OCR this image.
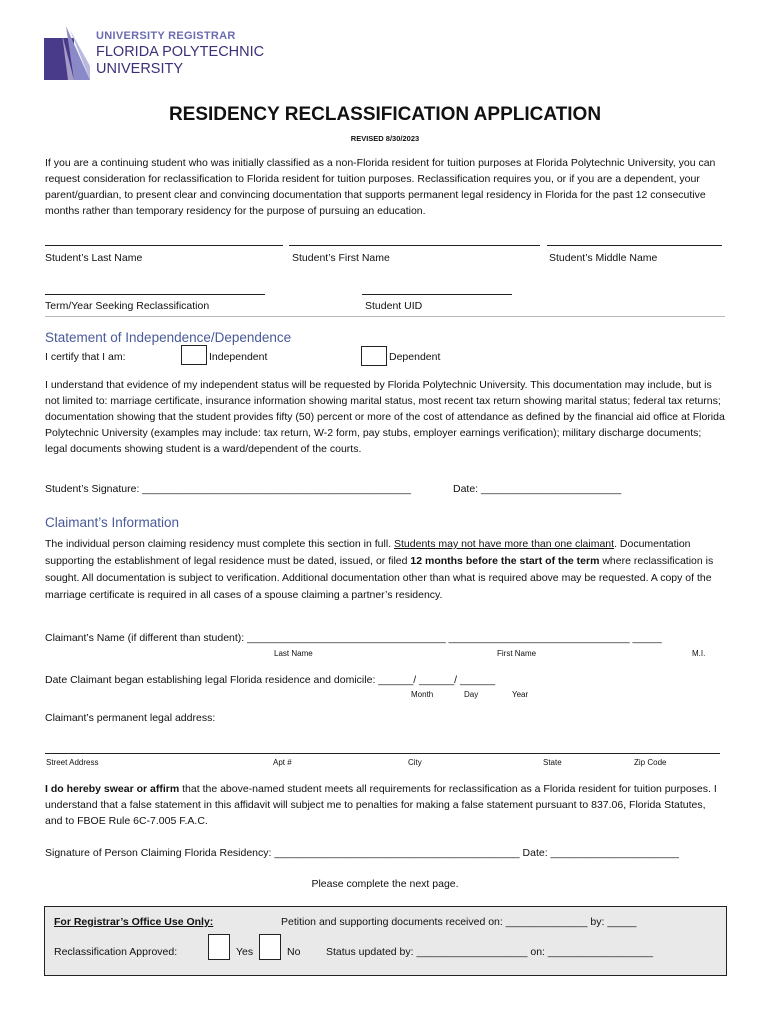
UNIVERSITY REGISTRAR
FLORIDA POLYTECHNIC
UNIVERSITY
RESIDENCY RECLASSIFICATION APPLICATION
REVISED 8/30/2023
If you are a continuing student who was initially classified as a non-Florida resident for tuition purposes at Florida Polytechnic University, you can request consideration for reclassification to Florida resident for tuition purposes. Reclassification requires you, or if you are a dependent, your parent/guardian, to present clear and convincing documentation that supports permanent legal residency in Florida for the past 12 consecutive months rather than temporary residency for the purpose of pursuing an education.
Student’s Last Name	Student’s First Name	Student’s Middle Name
Term/Year Seeking Reclassification	Student UID
Statement of Independence/Dependence
I certify that I am:	Independent	Dependent
I understand that evidence of my independent status will be requested by Florida Polytechnic University. This documentation may include, but is not limited to: marriage certificate, insurance information showing marital status, most recent tax return showing marital status; federal tax returns; documentation showing that the student provides fifty (50) percent or more of the cost of attendance as defined by the financial aid office at Florida Polytechnic University (examples may include: tax return, W-2 form, pay stubs, employer earnings verification); military discharge documents; legal documents showing student is a ward/dependent of the courts.
Student’s Signature: ______________________________________________	Date: ________________________
Claimant’s Information
The individual person claiming residency must complete this section in full. Students may not have more than one claimant. Documentation supporting the establishment of legal residence must be dated, issued, or filed 12 months before the start of the term where reclassification is sought. All documentation is subject to verification. Additional documentation other than what is required above may be requested. A copy of the marriage certificate is required in all cases of a spouse claiming a partner’s residency.
Claimant’s Name (if different than student): __________________________________ _______________________________ _____
Last Name	First Name	M.I.
Date Claimant began establishing legal Florida residence and domicile: ______/ ______/ ______
Month	Day	Year
Claimant’s permanent legal address:
Street Address	Apt #	City	State	Zip Code
I do hereby swear or affirm that the above-named student meets all requirements for reclassification as a Florida resident for tuition purposes. I understand that a false statement in this affidavit will subject me to penalties for making a false statement pursuant to 837.06, Florida Statutes, and to FBOE Rule 6C-7.005 F.A.C.
Signature of Person Claiming Florida Residency: __________________________________________ Date: ______________________
Please complete the next page.
For Registrar’s Office Use Only:	Petition and supporting documents received on: ______________ by: _____
Reclassification Approved:	Yes	No Status updated by: ___________________ on: __________________
